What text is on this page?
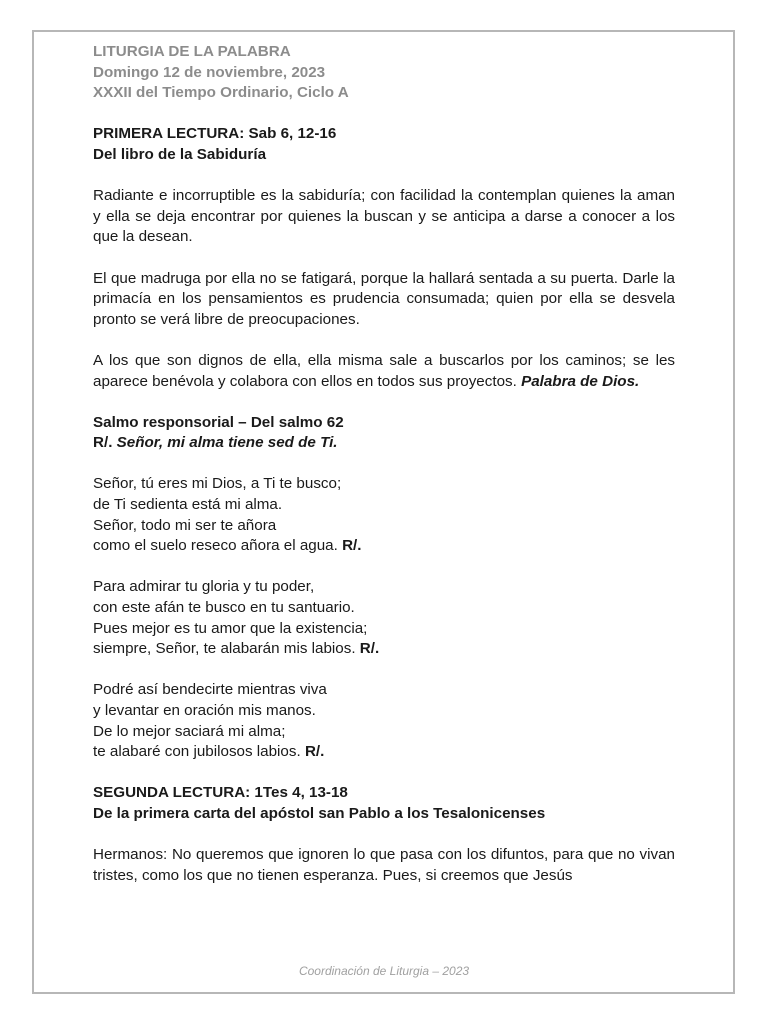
LITURGIA DE LA PALABRA
Domingo 12 de noviembre, 2023
XXXII del Tiempo Ordinario, Ciclo A
PRIMERA LECTURA: Sab 6, 12-16
Del libro de la Sabiduría
Radiante e incorruptible es la sabiduría; con facilidad la contemplan quienes la aman y ella se deja encontrar por quienes la buscan y se anticipa a darse a conocer a los que la desean.
El que madruga por ella no se fatigará, porque la hallará sentada a su puerta. Darle la primacía en los pensamientos es prudencia consumada; quien por ella se desvela pronto se verá libre de preocupaciones.
A los que son dignos de ella, ella misma sale a buscarlos por los caminos; se les aparece benévola y colabora con ellos en todos sus proyectos. Palabra de Dios.
Salmo responsorial – Del salmo 62
R/. Señor, mi alma tiene sed de Ti.
Señor, tú eres mi Dios, a Ti te busco;
de Ti sedienta está mi alma.
Señor, todo mi ser te añora
como el suelo reseco añora el agua. R/.
Para admirar tu gloria y tu poder,
con este afán te busco en tu santuario.
Pues mejor es tu amor que la existencia;
siempre, Señor, te alabarán mis labios. R/.
Podré así bendecirte mientras viva
y levantar en oración mis manos.
De lo mejor saciará mi alma;
te alabaré con jubilosos labios. R/.
SEGUNDA LECTURA: 1Tes 4, 13-18
De la primera carta del apóstol san Pablo a los Tesalonicenses
Hermanos: No queremos que ignoren lo que pasa con los difuntos, para que no vivan tristes, como los que no tienen esperanza. Pues, si creemos que Jesús
Coordinación de Liturgia – 2023
